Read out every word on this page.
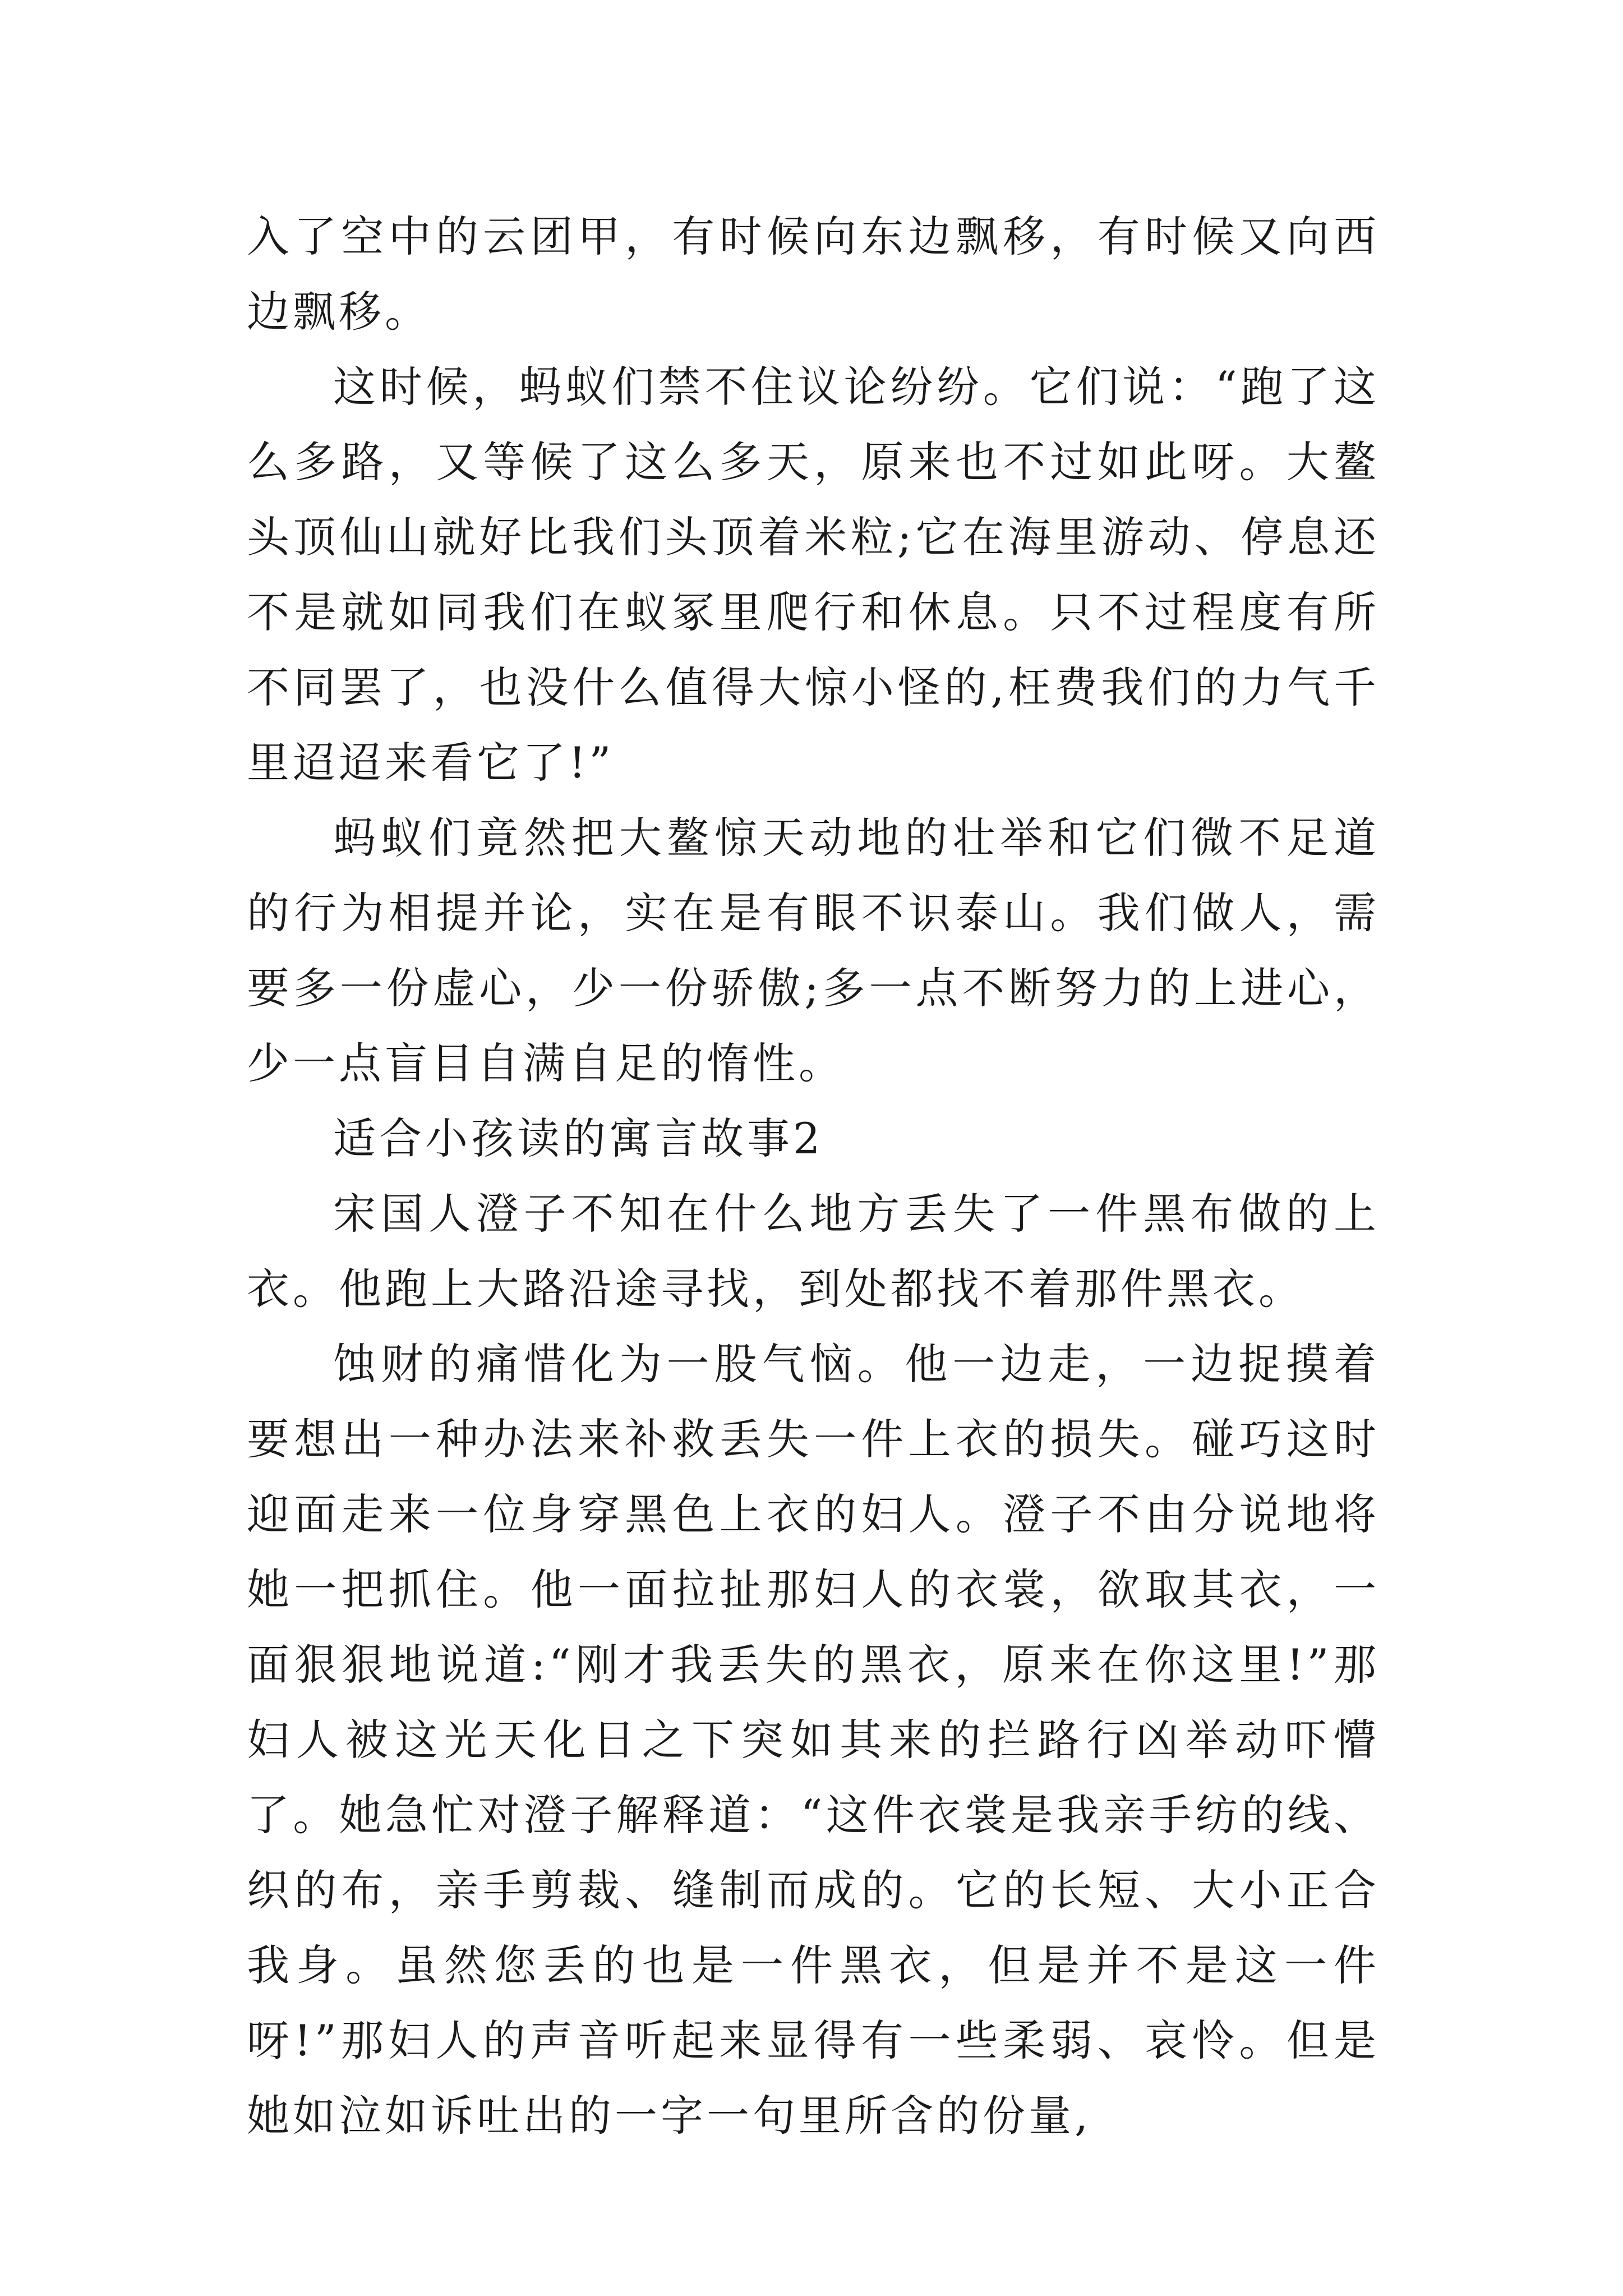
入了空中的云团甲，有时候向东边飘移，有时候又向西边飘移。

这时候，蚂蚁们禁不住议论纷纷。它们说：“跑了这么多路，又等候了这么多天，原来也不过如此呀。大鳌头顶仙山就好比我们头顶着米粒;它在海里游动、停息还不是就如同我们在蚁冢里爬行和休息。只不过程度有所不同罢了，也没什么值得大惊小怪的,枉费我们的力气千里迢迢来看它了!”

蚂蚁们竟然把大鳌惊天动地的壮举和它们微不足道的行为相提并论，实在是有眼不识泰山。我们做人，需要多一份虚心，少一份骄傲;多一点不断努力的上进心，少一点盲目自满自足的惰性。

适合小孩读的寓言故事2

宋国人澄子不知在什么地方丢失了一件黑布做的上衣。他跑上大路沿途寻找，到处都找不着那件黑衣。

蚀财的痛惜化为一股气恼。他一边走，一边捉摸着要想出一种办法来补救丢失一件上衣的损失。碰巧这时迎面走来一位身穿黑色上衣的妇人。澄子不由分说地将她一把抓住。他一面拉扯那妇人的衣裳，欲取其衣，一面狠狠地说道:“刚才我丢失的黑衣，原来在你这里!”那妇人被这光天化日之下突如其来的拦路行凶举动吓懵了。她急忙对澄子解释道：“这件衣裳是我亲手纺的线、织的布，亲手剪裁、缝制而成的。它的长短、大小正合我身。虽然您丢的也是一件黑衣，但是并不是这一件呀!”那妇人的声音听起来显得有一些柔弱、哀怜。但是她如泣如诉吐出的一字一句里所含的份量,
